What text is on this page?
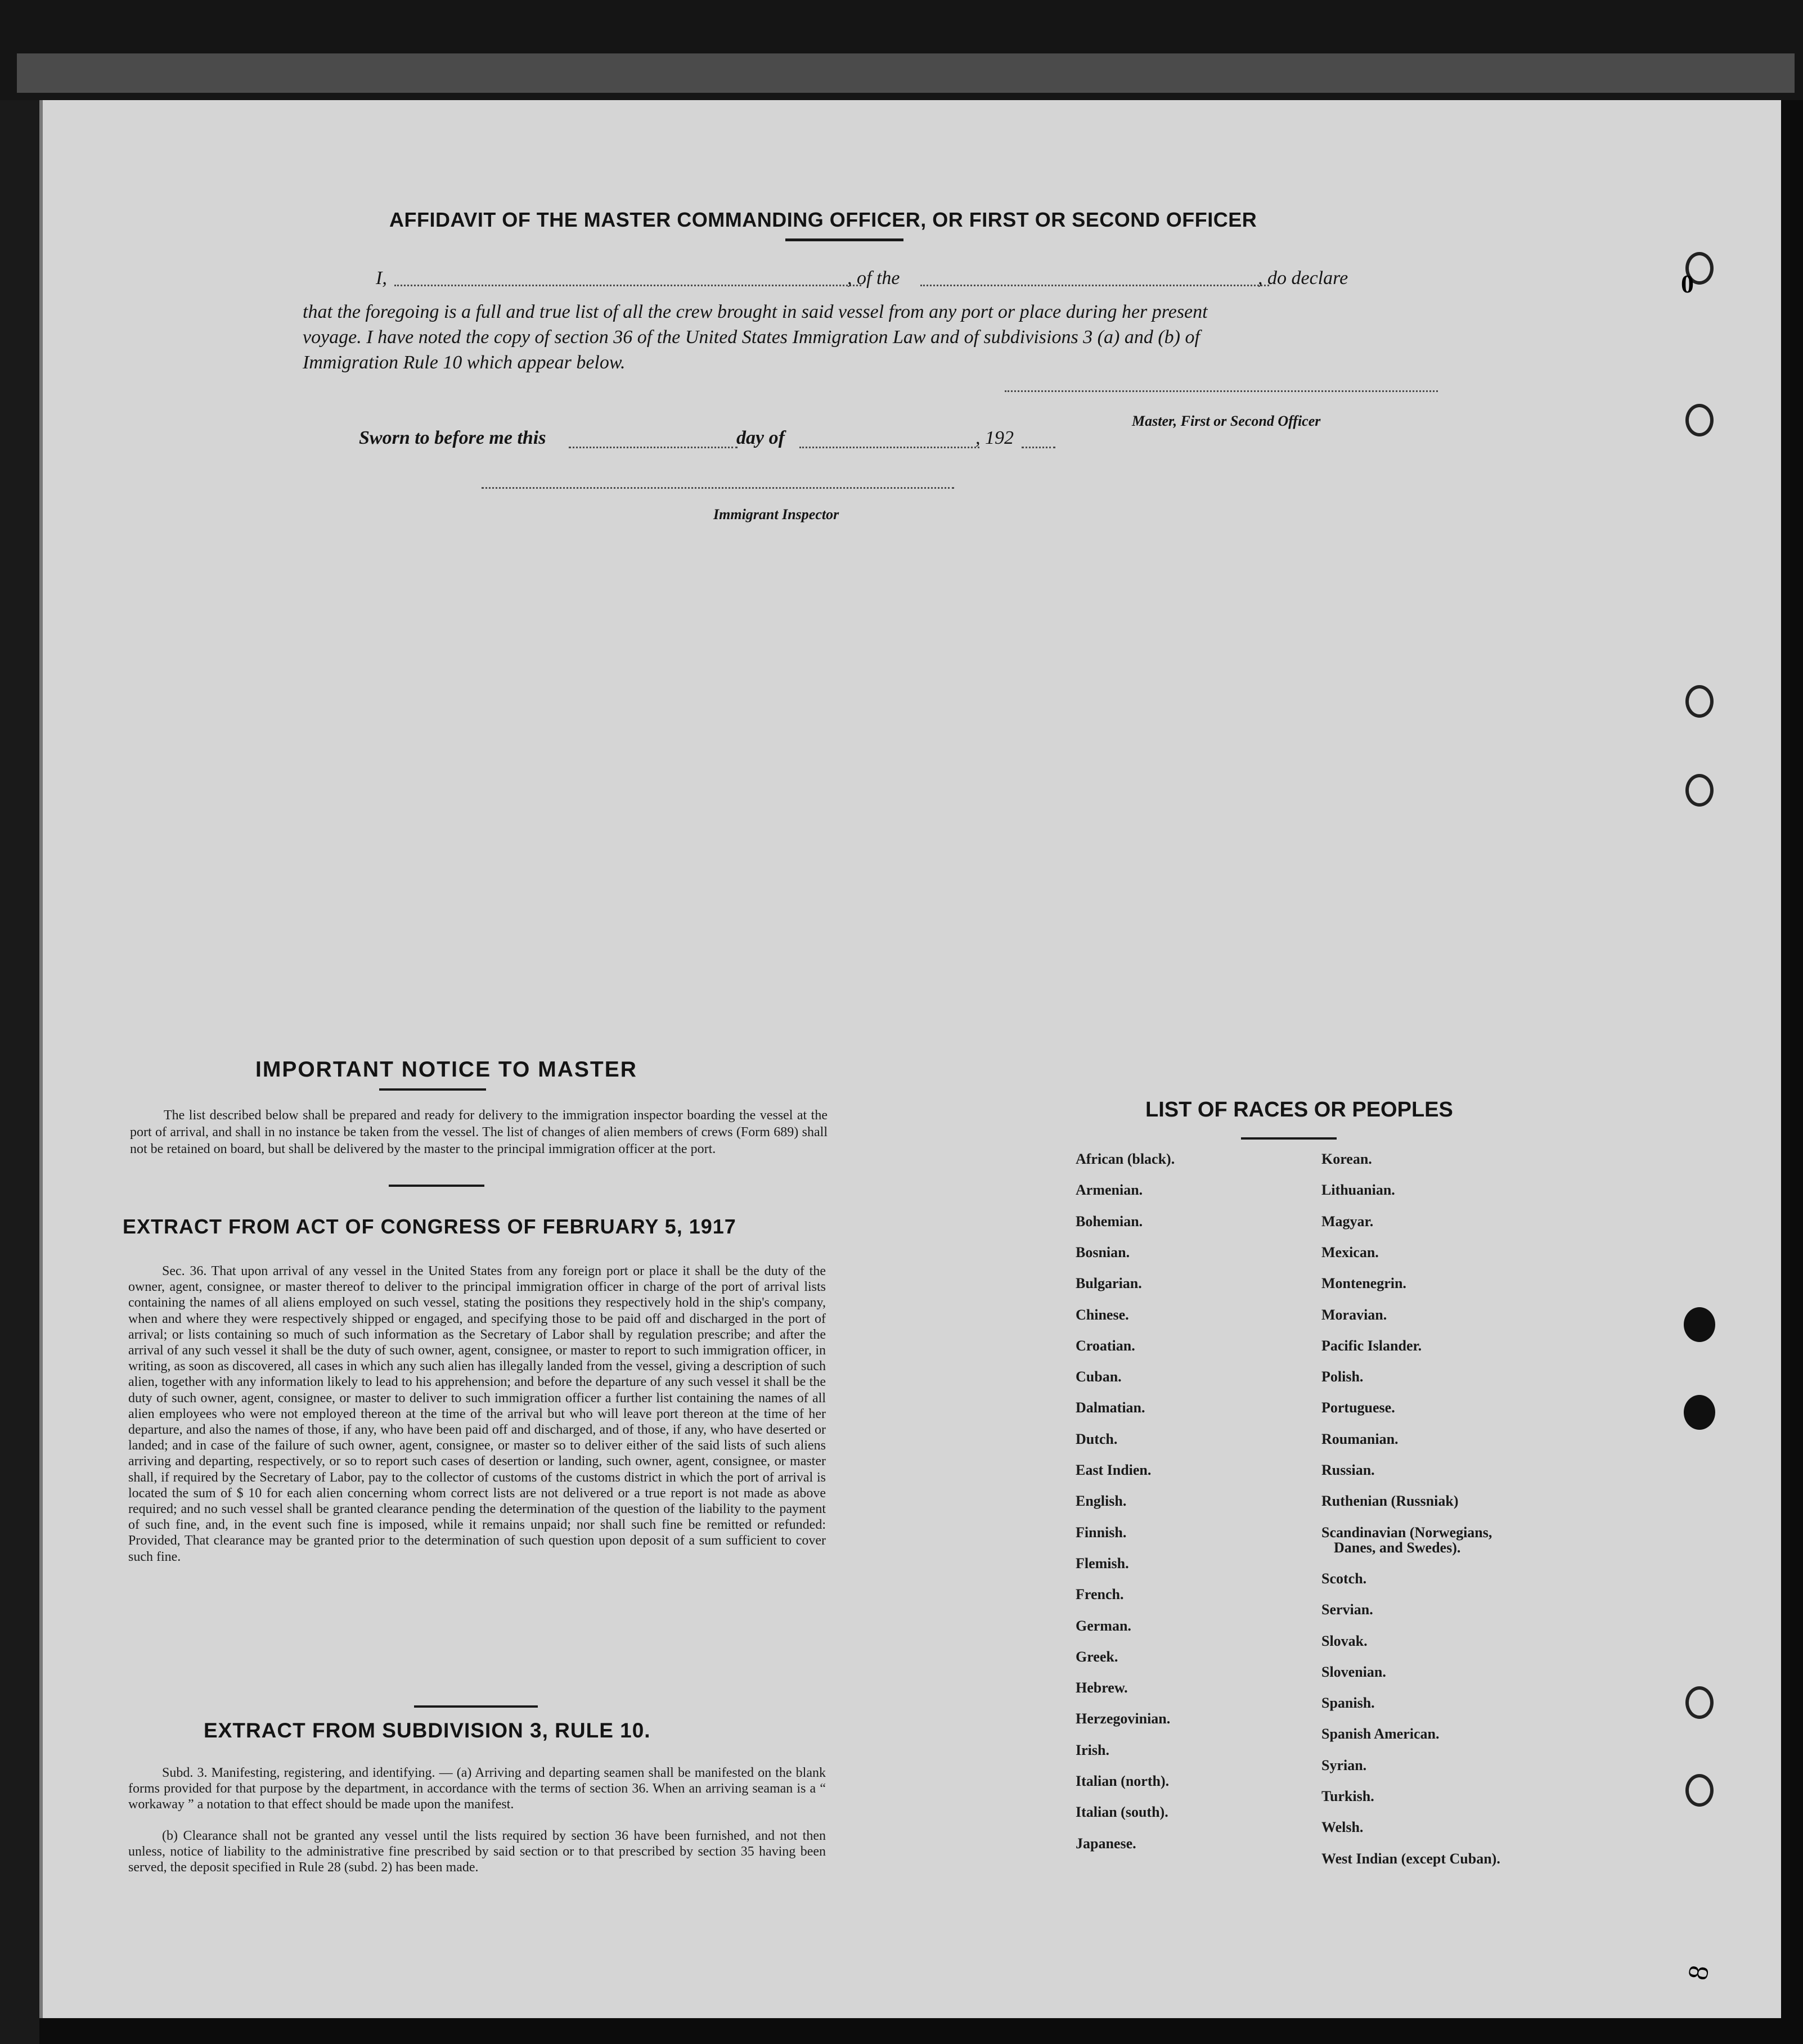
0
8
AFFIDAVIT OF THE MASTER COMMANDING OFFICER, OR FIRST OR SECOND OFFICER
I,	, of the	, do declare
that the foregoing is a full and true list of all the crew brought in said vessel from any port or place during her present
voyage. I have noted the copy of section 36 of the United States Immigration Law and of subdivisions 3 (a) and (b) of
Immigration Rule 10 which appear below.
Master, First or Second Officer
Sworn to before me this	day of	, 192
Immigrant Inspector
IMPORTANT NOTICE TO MASTER
The list described below shall be prepared and ready for delivery to the immigration inspector boarding the vessel at the port of arrival, and shall in no instance be taken from the vessel. The list of changes of alien members of crews (Form 689) shall not be retained on board, but shall be delivered by the master to the principal immigration officer at the port.
EXTRACT FROM ACT OF CONGRESS OF FEBRUARY 5, 1917
Sec. 36. That upon arrival of any vessel in the United States from any foreign port or place it shall be the duty of the owner, agent, consignee, or master thereof to deliver to the principal immigration officer in charge of the port of arrival lists containing the names of all aliens employed on such vessel, stating the positions they respectively hold in the ship's company, when and where they were respectively shipped or engaged, and specifying those to be paid off and discharged in the port of arrival; or lists containing so much of such information as the Secretary of Labor shall by regulation prescribe; and after the arrival of any such vessel it shall be the duty of such owner, agent, consignee, or master to report to such immigration officer, in writing, as soon as discovered, all cases in which any such alien has illegally landed from the vessel, giving a description of such alien, together with any information likely to lead to his apprehension; and before the departure of any such vessel it shall be the duty of such owner, agent, consignee, or master to deliver to such immigration officer a further list containing the names of all alien employees who were not employed thereon at the time of the arrival but who will leave port thereon at the time of her departure, and also the names of those, if any, who have been paid off and discharged, and of those, if any, who have deserted or landed; and in case of the failure of such owner, agent, consignee, or master so to deliver either of the said lists of such aliens arriving and departing, respectively, or so to report such cases of desertion or landing, such owner, agent, consignee, or master shall, if required by the Secretary of Labor, pay to the collector of customs of the customs district in which the port of arrival is located the sum of $ 10 for each alien concerning whom correct lists are not delivered or a true report is not made as above required; and no such vessel shall be granted clearance pending the determination of the question of the liability to the payment of such fine, and, in the event such fine is imposed, while it remains unpaid; nor shall such fine be remitted or refunded: Provided, That clearance may be granted prior to the determination of such question upon deposit of a sum sufficient to cover such fine.
EXTRACT FROM SUBDIVISION 3, RULE 10.
Subd. 3. Manifesting, registering, and identifying. — (a) Arriving and departing seamen shall be manifested on the blank forms provided for that purpose by the department, in accordance with the terms of section 36. When an arriving seaman is a “ workaway ” a notation to that effect should be made upon the manifest.
(b) Clearance shall not be granted any vessel until the lists required by section 36 have been furnished, and not then unless, notice of liability to the administrative fine prescribed by said section or to that prescribed by section 35 having been served, the deposit specified in Rule 28 (subd. 2) has been made.
LIST OF RACES OR PEOPLES
African (black).
Armenian.
Bohemian.
Bosnian.
Bulgarian.
Chinese.
Croatian.
Cuban.
Dalmatian.
Dutch.
East Indien.
English.
Finnish.
Flemish.
French.
German.
Greek.
Hebrew.
Herzegovinian.
Irish.
Italian (north).
Italian (south).
Japanese.
Korean.
Lithuanian.
Magyar.
Mexican.
Montenegrin.
Moravian.
Pacific Islander.
Polish.
Portuguese.
Roumanian.
Russian.
Ruthenian (Russniak)
Scandinavian (Norwegians,
Danes, and Swedes).
Scotch.
Servian.
Slovak.
Slovenian.
Spanish.
Spanish American.
Syrian.
Turkish.
Welsh.
West Indian (except Cuban).
